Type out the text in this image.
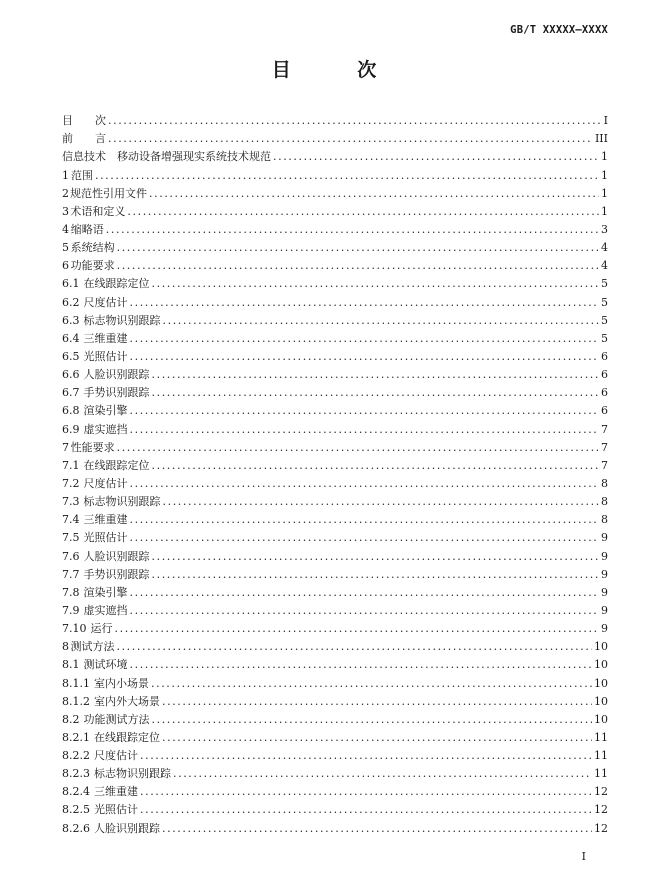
GB/T XXXXX—XXXX
目 次
目　　次 .....	I
前　　言 .....	III
信息技术　移动设备增强现实系统技术规范 .....	1
1 范围 .....	1
2 规范性引用文件 .....	1
3 术语和定义 .....	1
4 缩略语 .....	3
5 系统结构 .....	4
6 功能要求 .....	4
6.1 在线跟踪定位 .....	5
6.2 尺度估计 .....	5
6.3 标志物识别跟踪 .....	5
6.4 三维重建 .....	5
6.5 光照估计 .....	6
6.6 人脸识别跟踪 .....	6
6.7 手势识别跟踪 .....	6
6.8 渲染引擎 .....	6
6.9 虚实遮挡 .....	7
7 性能要求 .....	7
7.1 在线跟踪定位 .....	7
7.2 尺度估计 .....	8
7.3 标志物识别跟踪 .....	8
7.4 三维重建 .....	8
7.5 光照估计 .....	9
7.6 人脸识别跟踪 .....	9
7.7 手势识别跟踪 .....	9
7.8 渲染引擎 .....	9
7.9 虚实遮挡 .....	9
7.10 运行 .....	9
8 测试方法 .....	10
8.1 测试环境 .....	10
8.1.1 室内小场景 .....	10
8.1.2 室内外大场景 .....	10
8.2 功能测试方法 .....	10
8.2.1 在线跟踪定位 .....	11
8.2.2 尺度估计 .....	11
8.2.3 标志物识别跟踪 .....	11
8.2.4 三维重建 .....	12
8.2.5 光照估计 .....	12
8.2.6 人脸识别跟踪 .....	12
I
